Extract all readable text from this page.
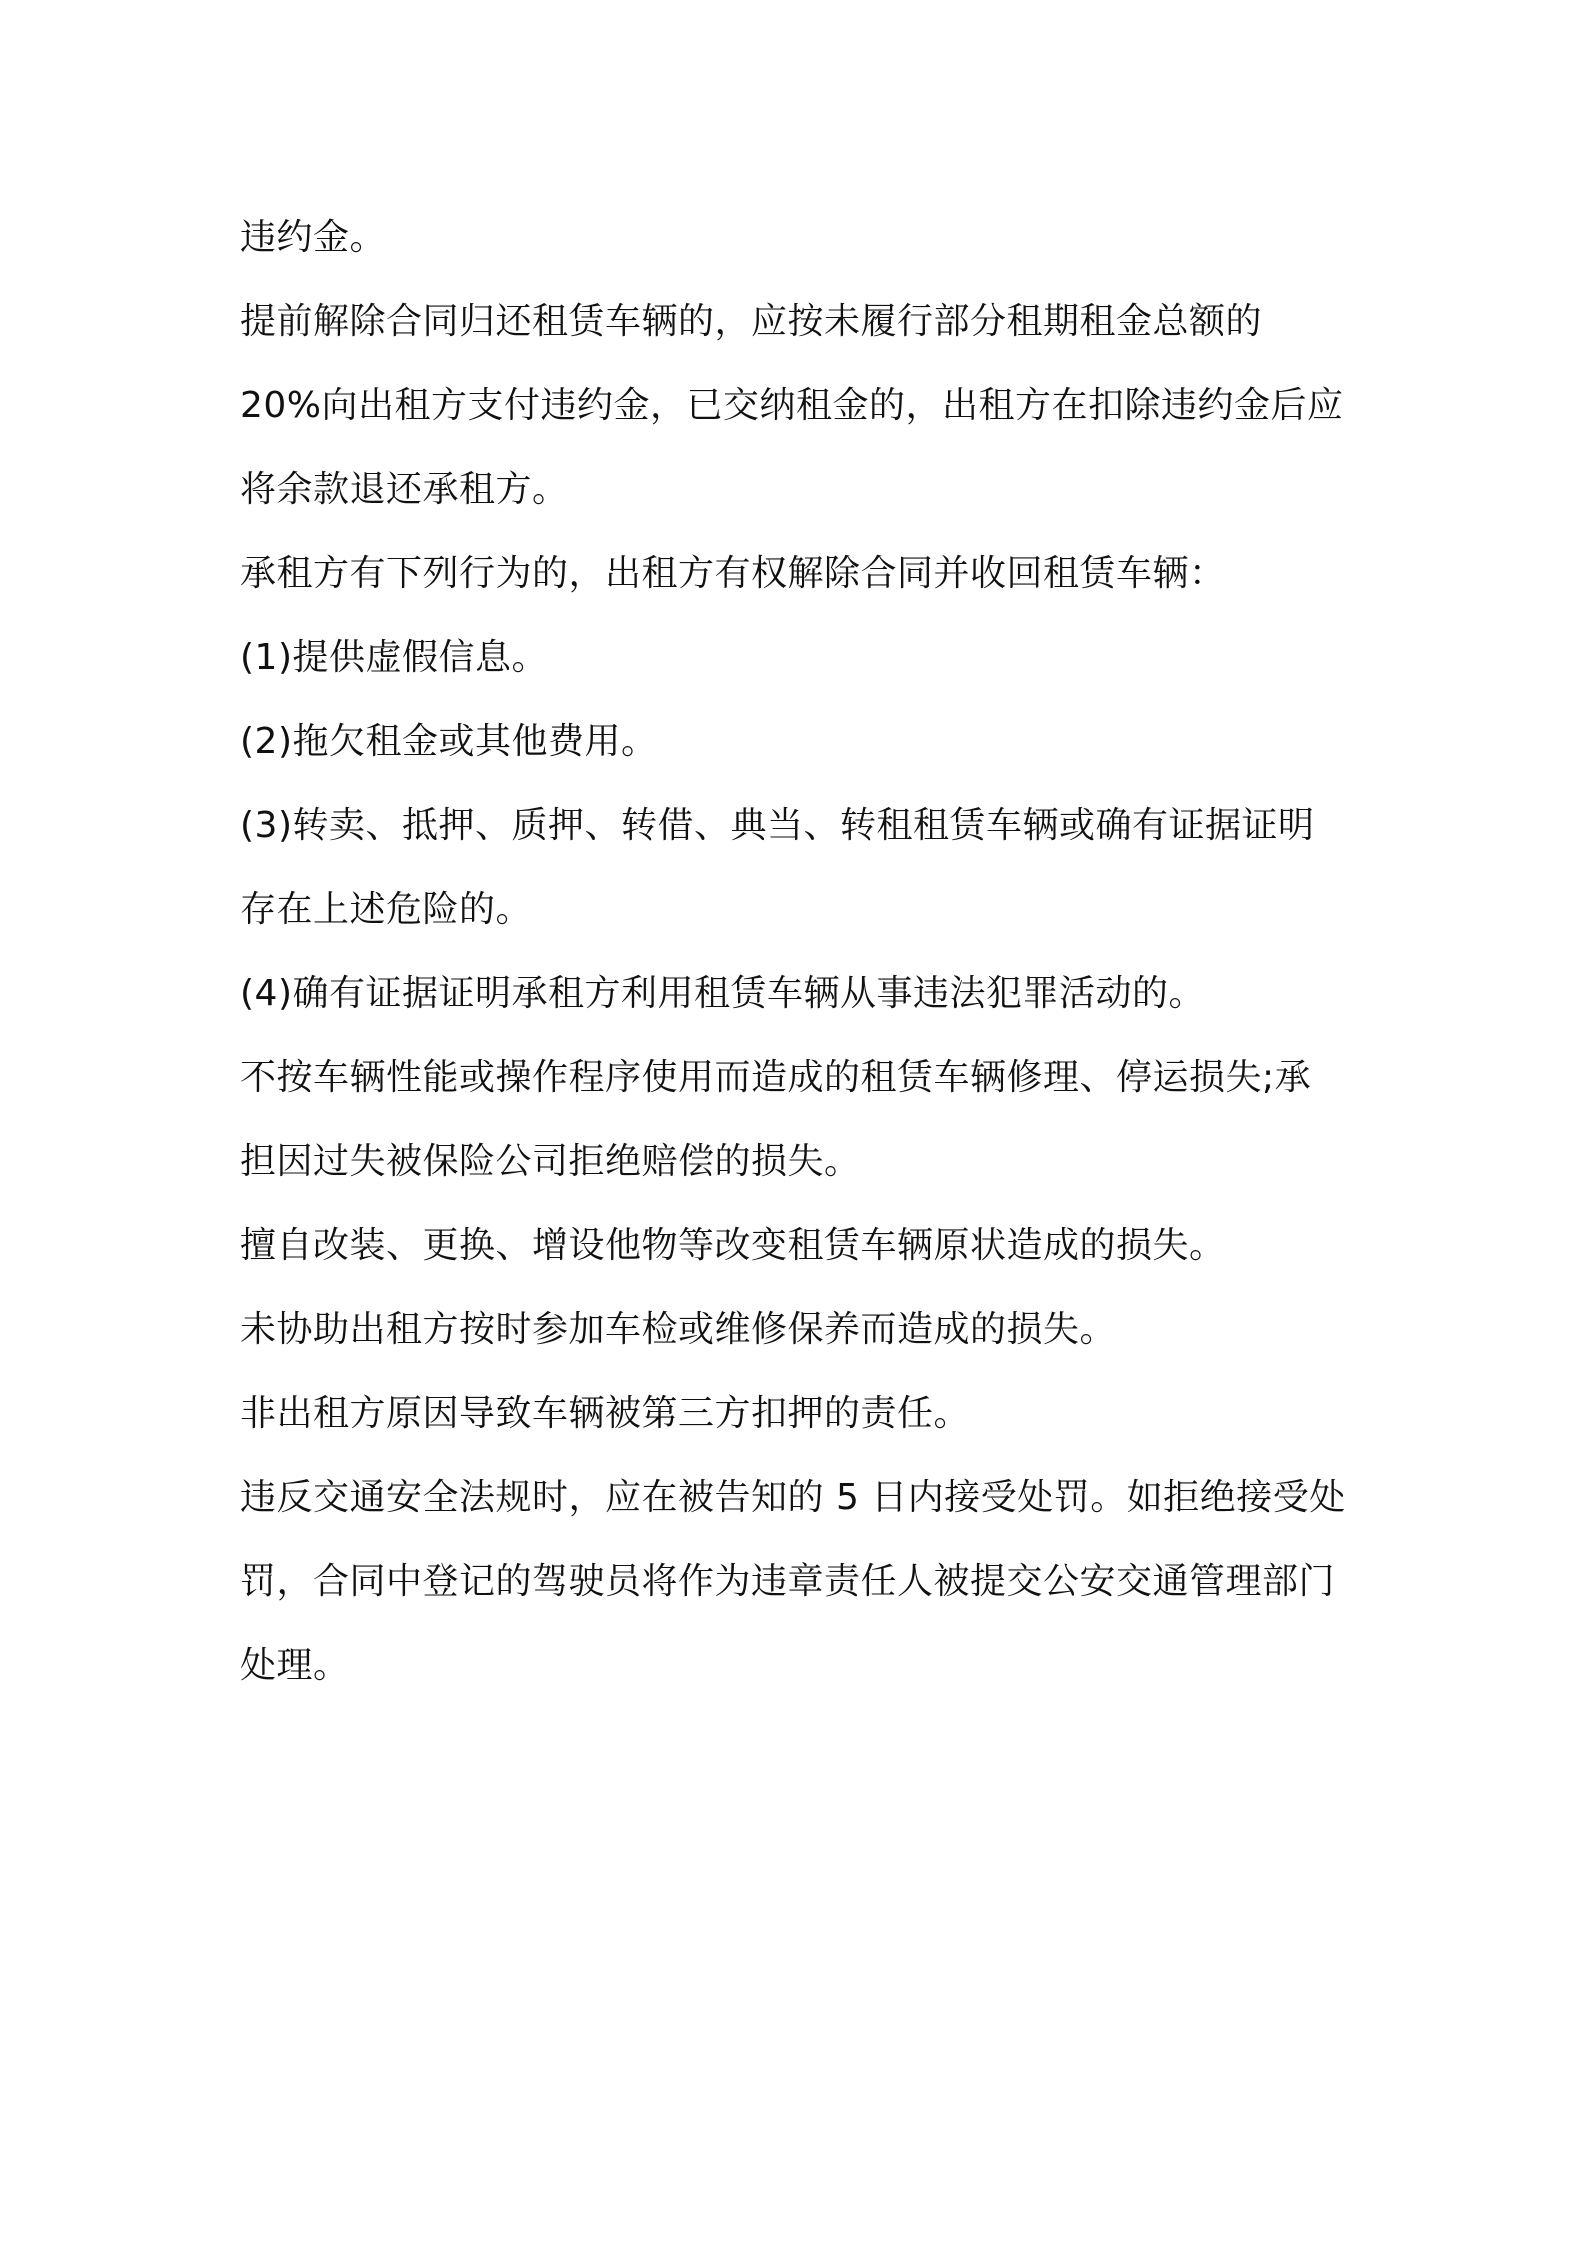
违约金。
提前解除合同归还租赁车辆的，应按未履行部分租期租金总额的
20%向出租方支付违约金，已交纳租金的，出租方在扣除违约金后应
将余款退还承租方。
承租方有下列行为的，出租方有权解除合同并收回租赁车辆：
(1)提供虚假信息。
(2)拖欠租金或其他费用。
(3)转卖、抵押、质押、转借、典当、转租租赁车辆或确有证据证明
存在上述危险的。
(4)确有证据证明承租方利用租赁车辆从事违法犯罪活动的。
不按车辆性能或操作程序使用而造成的租赁车辆修理、停运损失;承
担因过失被保险公司拒绝赔偿的损失。
擅自改装、更换、增设他物等改变租赁车辆原状造成的损失。
未协助出租方按时参加车检或维修保养而造成的损失。
非出租方原因导致车辆被第三方扣押的责任。
违反交通安全法规时，应在被告知的 5 日内接受处罚。如拒绝接受处
罚，合同中登记的驾驶员将作为违章责任人被提交公安交通管理部门
处理。
